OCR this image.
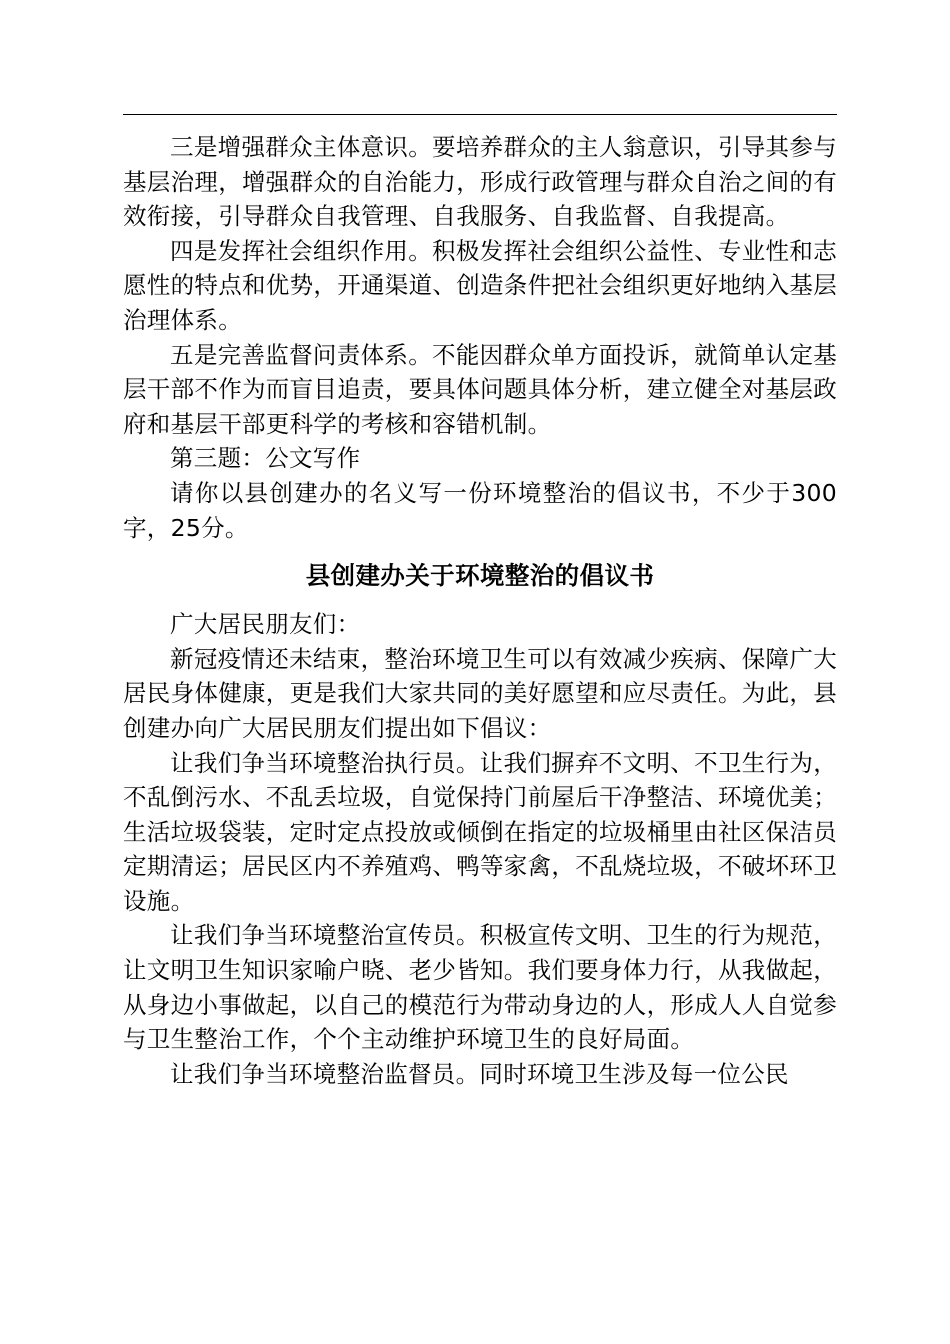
三是增强群众主体意识。要培养群众的主人翁意识，引导其参与基层治理，增强群众的自治能力，形成行政管理与群众自治之间的有效衔接，引导群众自我管理、自我服务、自我监督、自我提高。

四是发挥社会组织作用。积极发挥社会组织公益性、专业性和志愿性的特点和优势，开通渠道、创造条件把社会组织更好地纳入基层治理体系。

五是完善监督问责体系。不能因群众单方面投诉，就简单认定基层干部不作为而盲目追责，要具体问题具体分析，建立健全对基层政府和基层干部更科学的考核和容错机制。

第三题：公文写作

请你以县创建办的名义写一份环境整治的倡议书，不少于300字，25分。

县创建办关于环境整治的倡议书

广大居民朋友们：

新冠疫情还未结束，整治环境卫生可以有效减少疾病、保障广大居民身体健康，更是我们大家共同的美好愿望和应尽责任。为此，县创建办向广大居民朋友们提出如下倡议：

让我们争当环境整治执行员。让我们摒弃不文明、不卫生行为，不乱倒污水、不乱丢垃圾，自觉保持门前屋后干净整洁、环境优美；生活垃圾袋装，定时定点投放或倾倒在指定的垃圾桶里由社区保洁员定期清运；居民区内不养殖鸡、鸭等家禽，不乱烧垃圾，不破坏环卫设施。

让我们争当环境整治宣传员。积极宣传文明、卫生的行为规范，让文明卫生知识家喻户晓、老少皆知。我们要身体力行，从我做起，从身边小事做起，以自己的模范行为带动身边的人，形成人人自觉参与卫生整治工作，个个主动维护环境卫生的良好局面。

让我们争当环境整治监督员。同时环境卫生涉及每一位公民
